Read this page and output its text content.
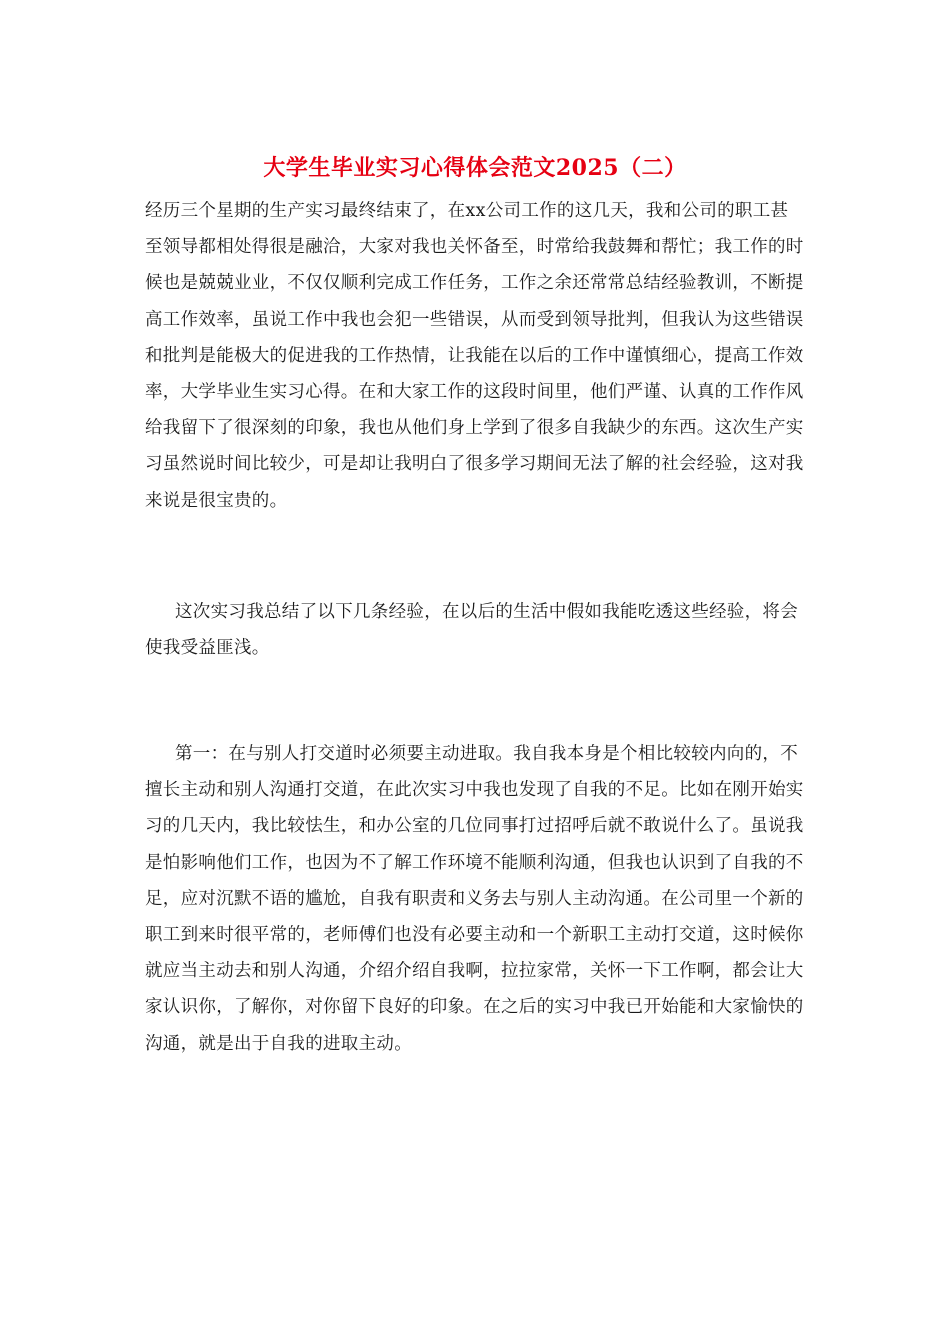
大学生毕业实习心得体会范文2025（二）

经历三个星期的生产实习最终结束了，在xx公司工作的这几天，我和公司的职工甚至领导都相处得很是融洽，大家对我也关怀备至，时常给我鼓舞和帮忙；我工作的时候也是兢兢业业，不仅仅顺利完成工作任务，工作之余还常常总结经验教训，不断提高工作效率，虽说工作中我也会犯一些错误，从而受到领导批判，但我认为这些错误和批判是能极大的促进我的工作热情，让我能在以后的工作中谨慎细心，提高工作效率，大学毕业生实习心得。在和大家工作的这段时间里，他们严谨、认真的工作作风给我留下了很深刻的印象，我也从他们身上学到了很多自我缺少的东西。这次生产实习虽然说时间比较少，可是却让我明白了很多学习期间无法了解的社会经验，这对我来说是很宝贵的。

这次实习我总结了以下几条经验，在以后的生活中假如我能吃透这些经验，将会使我受益匪浅。

第一：在与别人打交道时必须要主动进取。我自我本身是个相比较较内向的，不擅长主动和别人沟通打交道，在此次实习中我也发现了自我的不足。比如在刚开始实习的几天内，我比较怯生，和办公室的几位同事打过招呼后就不敢说什么了。虽说我是怕影响他们工作，也因为不了解工作环境不能顺利沟通，但我也认识到了自我的不足，应对沉默不语的尴尬，自我有职责和义务去与别人主动沟通。在公司里一个新的职工到来时很平常的，老师傅们也没有必要主动和一个新职工主动打交道，这时候你就应当主动去和别人沟通，介绍介绍自我啊，拉拉家常，关怀一下工作啊，都会让大家认识你，了解你，对你留下良好的印象。在之后的实习中我已开始能和大家愉快的沟通，就是出于自我的进取主动。
